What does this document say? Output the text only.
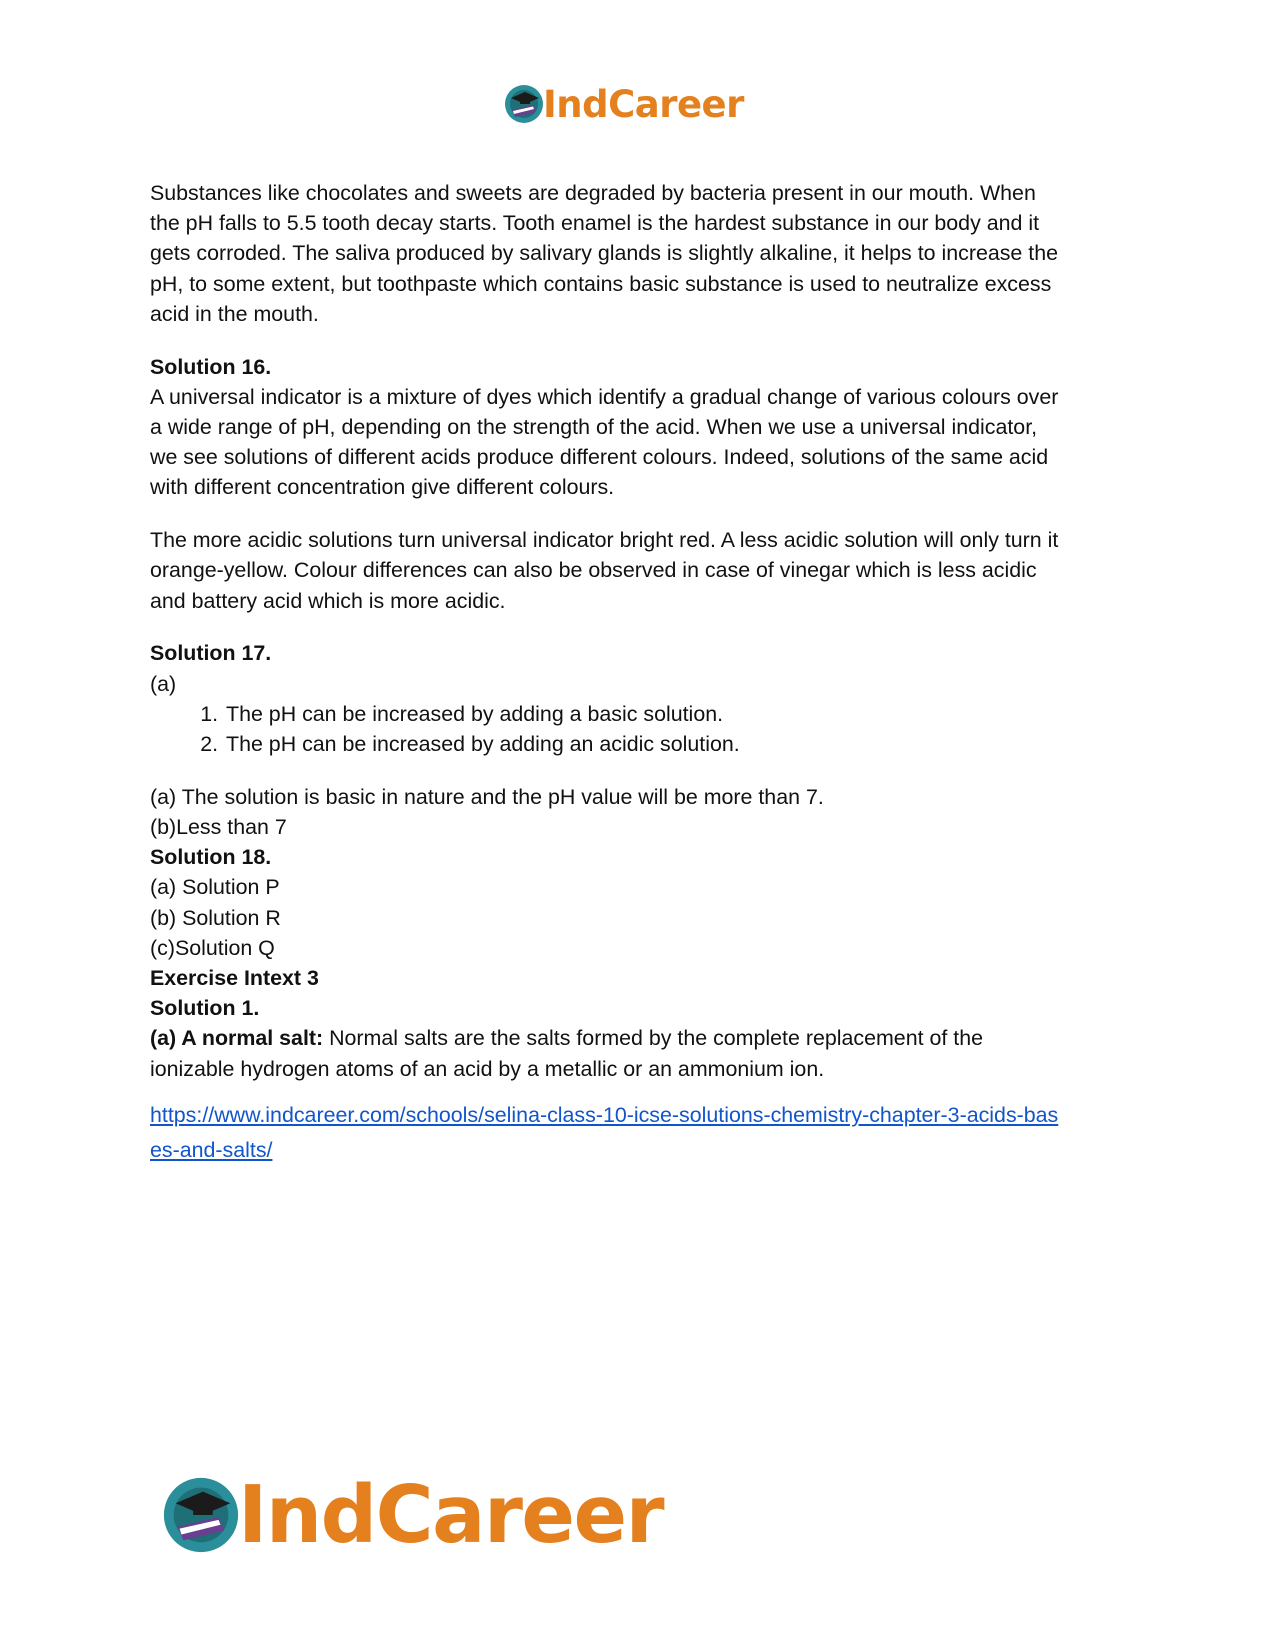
IndCareer

Substances like chocolates and sweets are degraded by bacteria present in our mouth. When

the pH falls to 5.5 tooth decay starts. Tooth enamel is the hardest substance in our body and it

gets corroded. The saliva produced by salivary glands is slightly alkaline, it helps to increase the

pH, to some extent, but toothpaste which contains basic substance is used to neutralize excess

acid in the mouth.

Solution 16.

A universal indicator is a mixture of dyes which identify a gradual change of various colours over

a wide range of pH, depending on the strength of the acid. When we use a universal indicator,

we see solutions of different acids produce different colours. Indeed, solutions of the same acid

with different concentration give different colours.

The more acidic solutions turn universal indicator bright red. A less acidic solution will only turn it

orange-yellow. Colour differences can also be observed in case of vinegar which is less acidic

and battery acid which is more acidic.

Solution 17.

(a)

1. The pH can be increased by adding a basic solution.
2. The pH can be increased by adding an acidic solution.

(a) The solution is basic in nature and the pH value will be more than 7.

(b)Less than 7

Solution 18.

(a) Solution P

(b) Solution R

(c)Solution Q

Exercise Intext 3

Solution 1.

(a) A normal salt: Normal salts are the salts formed by the complete replacement of the

ionizable hydrogen atoms of an acid by a metallic or an ammonium ion.

https://www.indcareer.com/schools/selina-class-10-icse-solutions-chemistry-chapter-3-acids-bas
es-and-salts/
IndCareer
